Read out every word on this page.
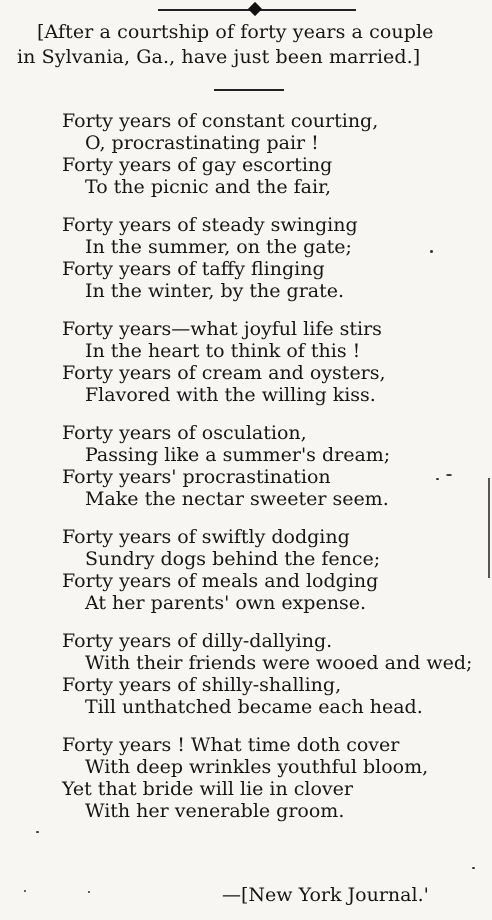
[After a courtship of forty years a couple
in Sylvania, Ga., have just been married.]
Forty years of constant courting,
O, procrastinating pair !
Forty years of gay escorting
To the picnic and the fair,
Forty years of steady swinging
In the summer, on the gate;
Forty years of taffy flinging
In the winter, by the grate.
Forty years—what joyful life stirs
In the heart to think of this !
Forty years of cream and oysters,
Flavored with the willing kiss.
Forty years of osculation,
Passing like a summer's dream;
Forty years' procrastination
Make the nectar sweeter seem.
Forty years of swiftly dodging
Sundry dogs behind the fence;
Forty years of meals and lodging
At her parents' own expense.
Forty years of dilly-dallying.
With their friends were wooed and wed;
Forty years of shilly-shalling,
Till unthatched became each head.
Forty years ! What time doth cover
With deep wrinkles youthful bloom,
Yet that bride will lie in clover
With her venerable groom.
—[New York Journal.'
